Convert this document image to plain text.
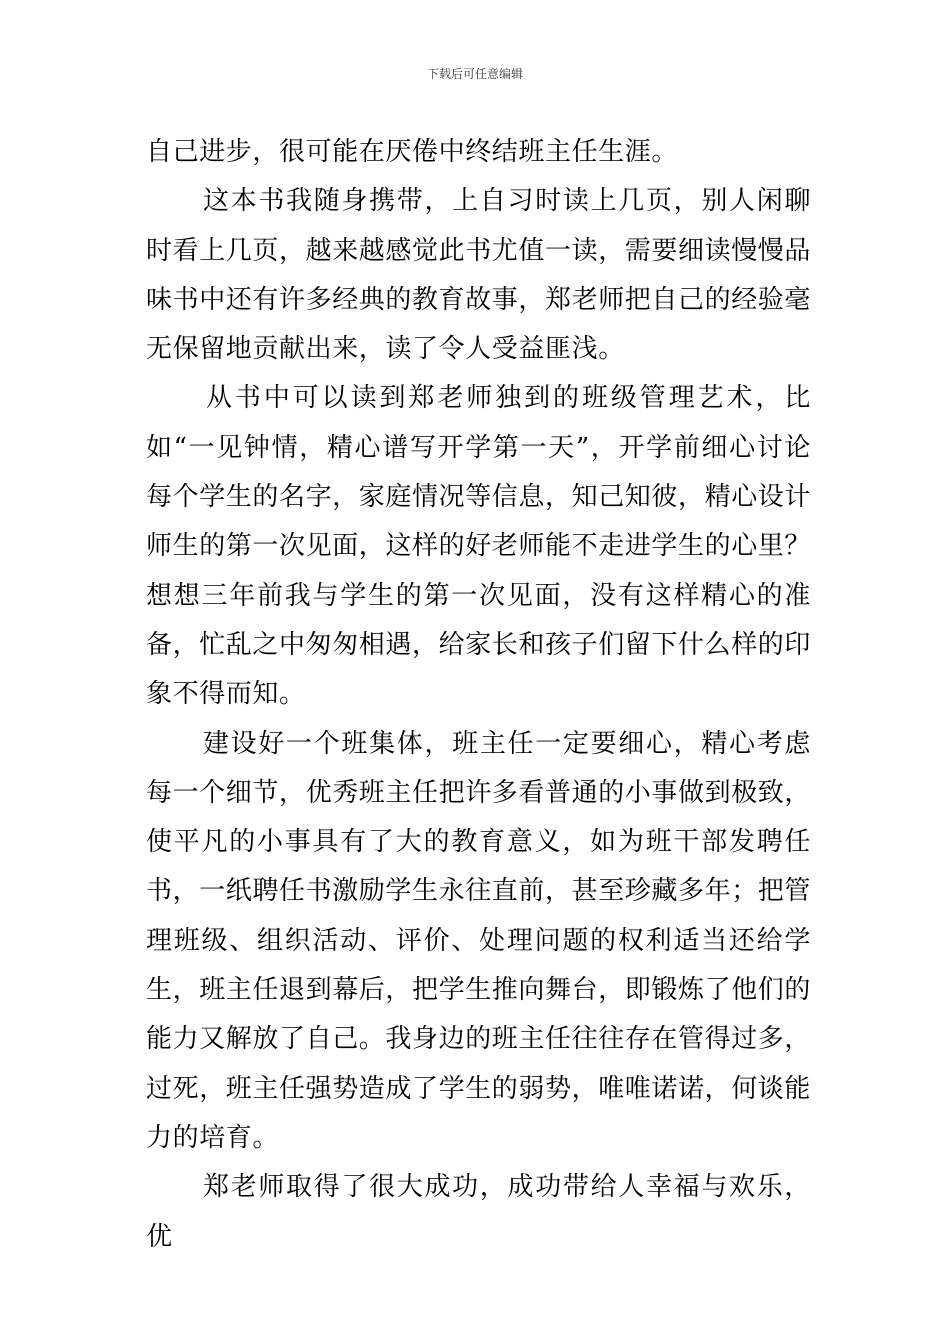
下载后可任意编辑

自己进步，很可能在厌倦中终结班主任生涯。

这本书我随身携带，上自习时读上几页，别人闲聊时看上几页，越来越感觉此书尤值一读，需要细读慢慢品味书中还有许多经典的教育故事，郑老师把自己的经验毫无保留地贡献出来，读了令人受益匪浅。

从书中可以读到郑老师独到的班级管理艺术，比如“一见钟情，精心谱写开学第一天”，开学前细心讨论每个学生的名字，家庭情况等信息，知己知彼，精心设计师生的第一次见面，这样的好老师能不走进学生的心里？想想三年前我与学生的第一次见面，没有这样精心的准备，忙乱之中匆匆相遇，给家长和孩子们留下什么样的印象不得而知。

建设好一个班集体，班主任一定要细心，精心考虑每一个细节，优秀班主任把许多看普通的小事做到极致，使平凡的小事具有了大的教育意义，如为班干部发聘任书，一纸聘任书激励学生永往直前，甚至珍藏多年；把管理班级、组织活动、评价、处理问题的权利适当还给学生，班主任退到幕后，把学生推向舞台，即锻炼了他们的能力又解放了自己。我身边的班主任往往存在管得过多，过死，班主任强势造成了学生的弱势，唯唯诺诺，何谈能力的培育。

郑老师取得了很大成功，成功带给人幸福与欢乐，优
